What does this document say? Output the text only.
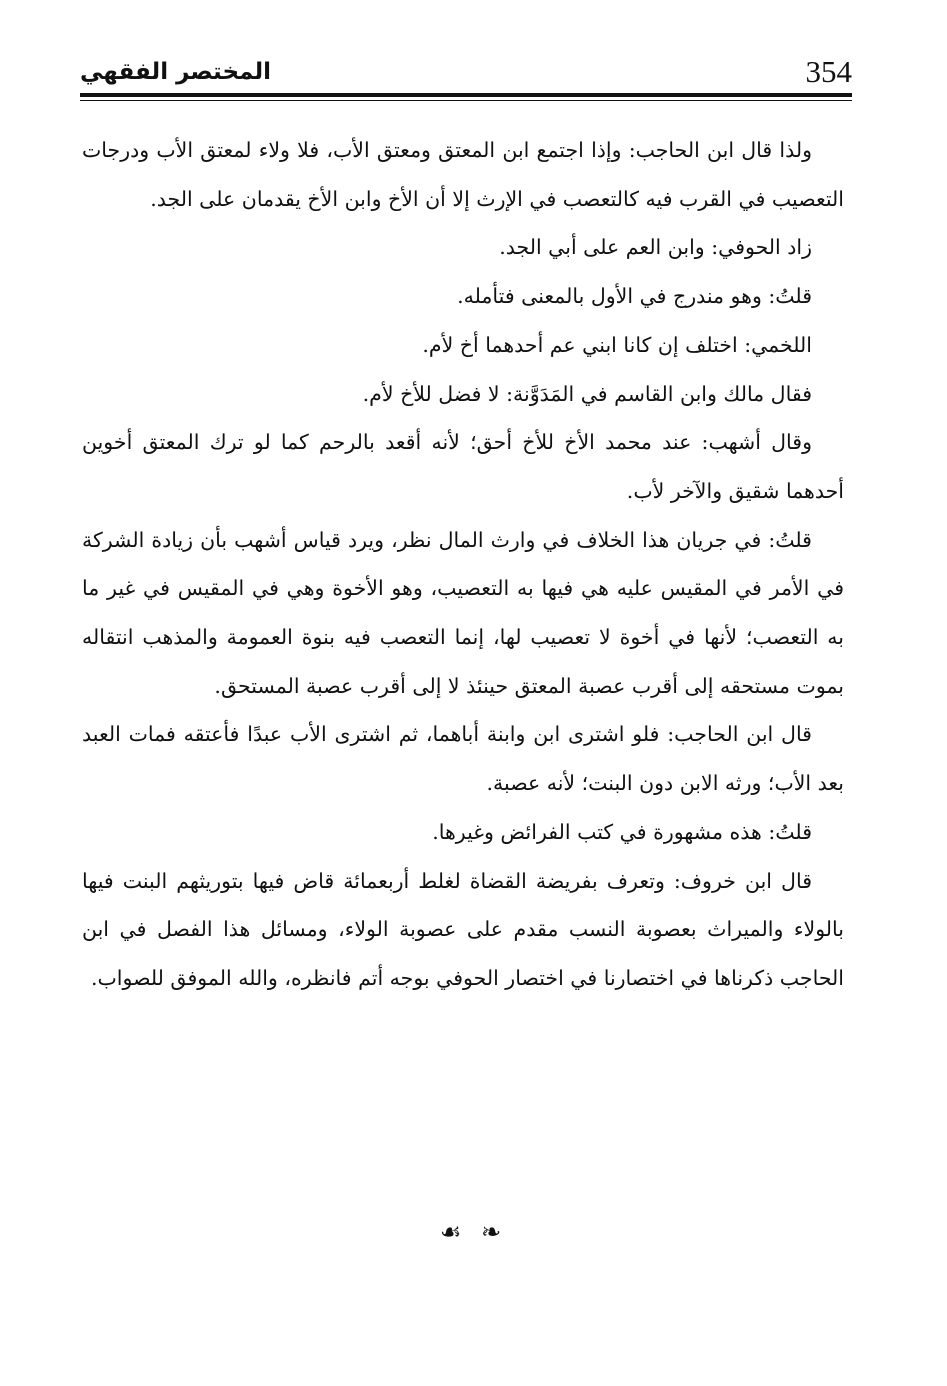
المختصر الفقهي	354

ولذا قال ابن الحاجب: وإذا اجتمع ابن المعتق ومعتق الأب، فلا ولاء لمعتق الأب ودرجات التعصيب في القرب فيه كالتعصب في الإرث إلا أن الأخ وابن الأخ يقدمان على الجد.

زاد الحوفي: وابن العم على أبي الجد.

قلتُ: وهو مندرج في الأول بالمعنى فتأمله.

اللخمي: اختلف إن كانا ابني عم أحدهما أخ لأم.

فقال مالك وابن القاسم في المَدَوَّنة: لا فضل للأخ لأم.

وقال أشهب: عند محمد الأخ للأخ أحق؛ لأنه أقعد بالرحم كما لو ترك المعتق أخوين أحدهما شقيق والآخر لأب.

قلتُ: في جريان هذا الخلاف في وارث المال نظر، ويرد قياس أشهب بأن زيادة الشركة في الأمر في المقيس عليه هي فيها به التعصيب، وهو الأخوة وهي في المقيس في غير ما به التعصب؛ لأنها في أخوة لا تعصيب لها، إنما التعصب فيه بنوة العمومة والمذهب انتقاله بموت مستحقه إلى أقرب عصبة المعتق حينئذ لا إلى أقرب عصبة المستحق.

قال ابن الحاجب: فلو اشترى ابن وابنة أباهما، ثم اشترى الأب عبدًا فأعتقه فمات العبد بعد الأب؛ ورثه الابن دون البنت؛ لأنه عصبة.

قلتُ: هذه مشهورة في كتب الفرائض وغيرها.

قال ابن خروف: وتعرف بفريضة القضاة لغلط أربعمائة قاض فيها بتوريثهم البنت فيها بالولاء والميراث بعصوبة النسب مقدم على عصوبة الولاء، ومسائل هذا الفصل في ابن الحاجب ذكرناها في اختصارنا في اختصار الحوفي بوجه أتم فانظره، والله الموفق للصواب.

☙ ❧
